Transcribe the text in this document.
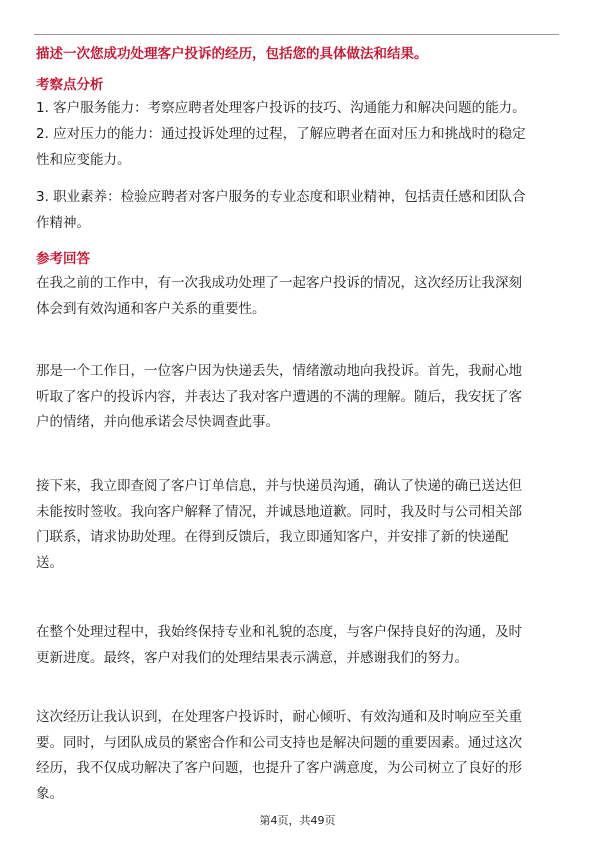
描述一次您成功处理客户投诉的经历，包括您的具体做法和结果。
考察点分析
1. 客户服务能力：考察应聘者处理客户投诉的技巧、沟通能力和解决问题的能力。
2. 应对压力的能力：通过投诉处理的过程，了解应聘者在面对压力和挑战时的稳定
性和应变能力。
3. 职业素养：检验应聘者对客户服务的专业态度和职业精神，包括责任感和团队合
作精神。
参考回答
在我之前的工作中，有一次我成功处理了一起客户投诉的情况，这次经历让我深刻
体会到有效沟通和客户关系的重要性。
那是一个工作日，一位客户因为快递丢失，情绪激动地向我投诉。首先，我耐心地
听取了客户的投诉内容，并表达了我对客户遭遇的不满的理解。随后，我安抚了客
户的情绪，并向他承诺会尽快调查此事。
接下来，我立即查阅了客户订单信息，并与快递员沟通，确认了快递的确已送达但
未能按时签收。我向客户解释了情况，并诚恳地道歉。同时，我及时与公司相关部
门联系，请求协助处理。在得到反馈后，我立即通知客户，并安排了新的快递配
送。
在整个处理过程中，我始终保持专业和礼貌的态度，与客户保持良好的沟通，及时
更新进度。最终，客户对我们的处理结果表示满意，并感谢我们的努力。
这次经历让我认识到，在处理客户投诉时，耐心倾听、有效沟通和及时响应至关重
要。同时，与团队成员的紧密合作和公司支持也是解决问题的重要因素。通过这次
经历，我不仅成功解决了客户问题，也提升了客户满意度，为公司树立了良好的形
象。
第4页，共49页
